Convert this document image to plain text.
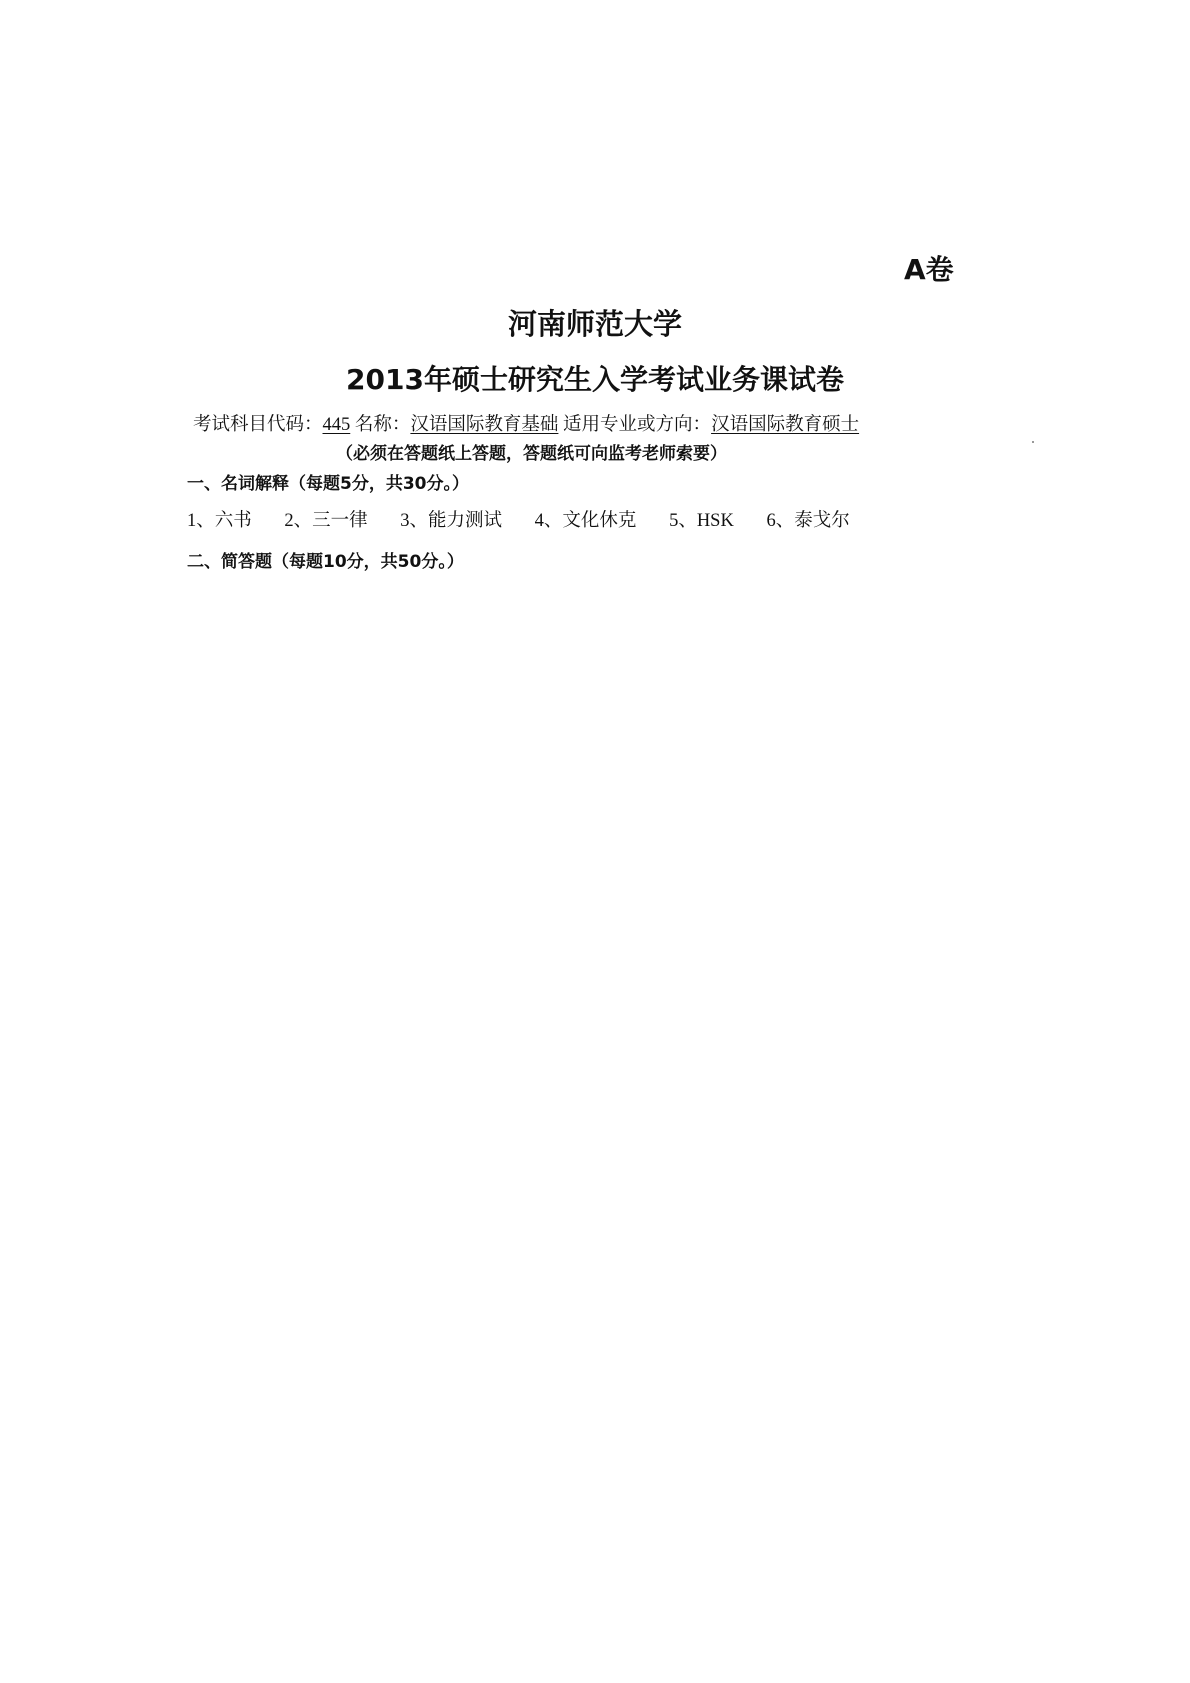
A卷
河南师范大学
2013年硕士研究生入学考试业务课试卷
考试科目代码：445 名称：汉语国际教育基础 适用专业或方向：汉语国际教育硕士
（必须在答题纸上答题，答题纸可向监考老师索要）
一、名词解释（每题5分，共30分。）
1、六书 2、三一律 3、能力测试 4、文化休克 5、HSK 6、泰戈尔
二、简答题（每题10分，共50分。）
